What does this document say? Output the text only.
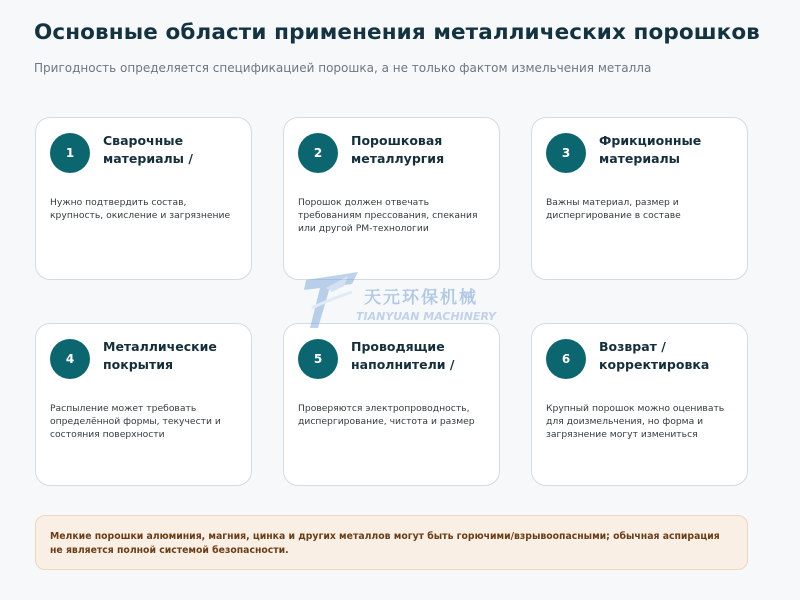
Основные области применения металлических порошков

Пригодность определяется спецификацией порошка, а не только фактом измельчения металла

1
Сварочные материалы /

Нужно подтвердить состав, крупность, окисление и загрязнение

2
Порошковая металлургия

Порошок должен отвечать требованиям прессования, спекания или другой PM-технологии

3
Фрикционные материалы

Важны материал, размер и диспергирование в составе

4
Металлические покрытия

Распыление может требовать определённой формы, текучести и состояния поверхности

5
Проводящие наполнители /

Проверяются электропроводность, диспергирование, чистота и размер

6
Возврат / корректировка

Крупный порошок можно оценивать для доизмельчения, но форма и загрязнение могут измениться

天元环保机械
TIANYUAN MACHINERY

Мелкие порошки алюминия, магния, цинка и других металлов могут быть горючими/взрывоопасными; обычная аспирация не является полной системой безопасности.
